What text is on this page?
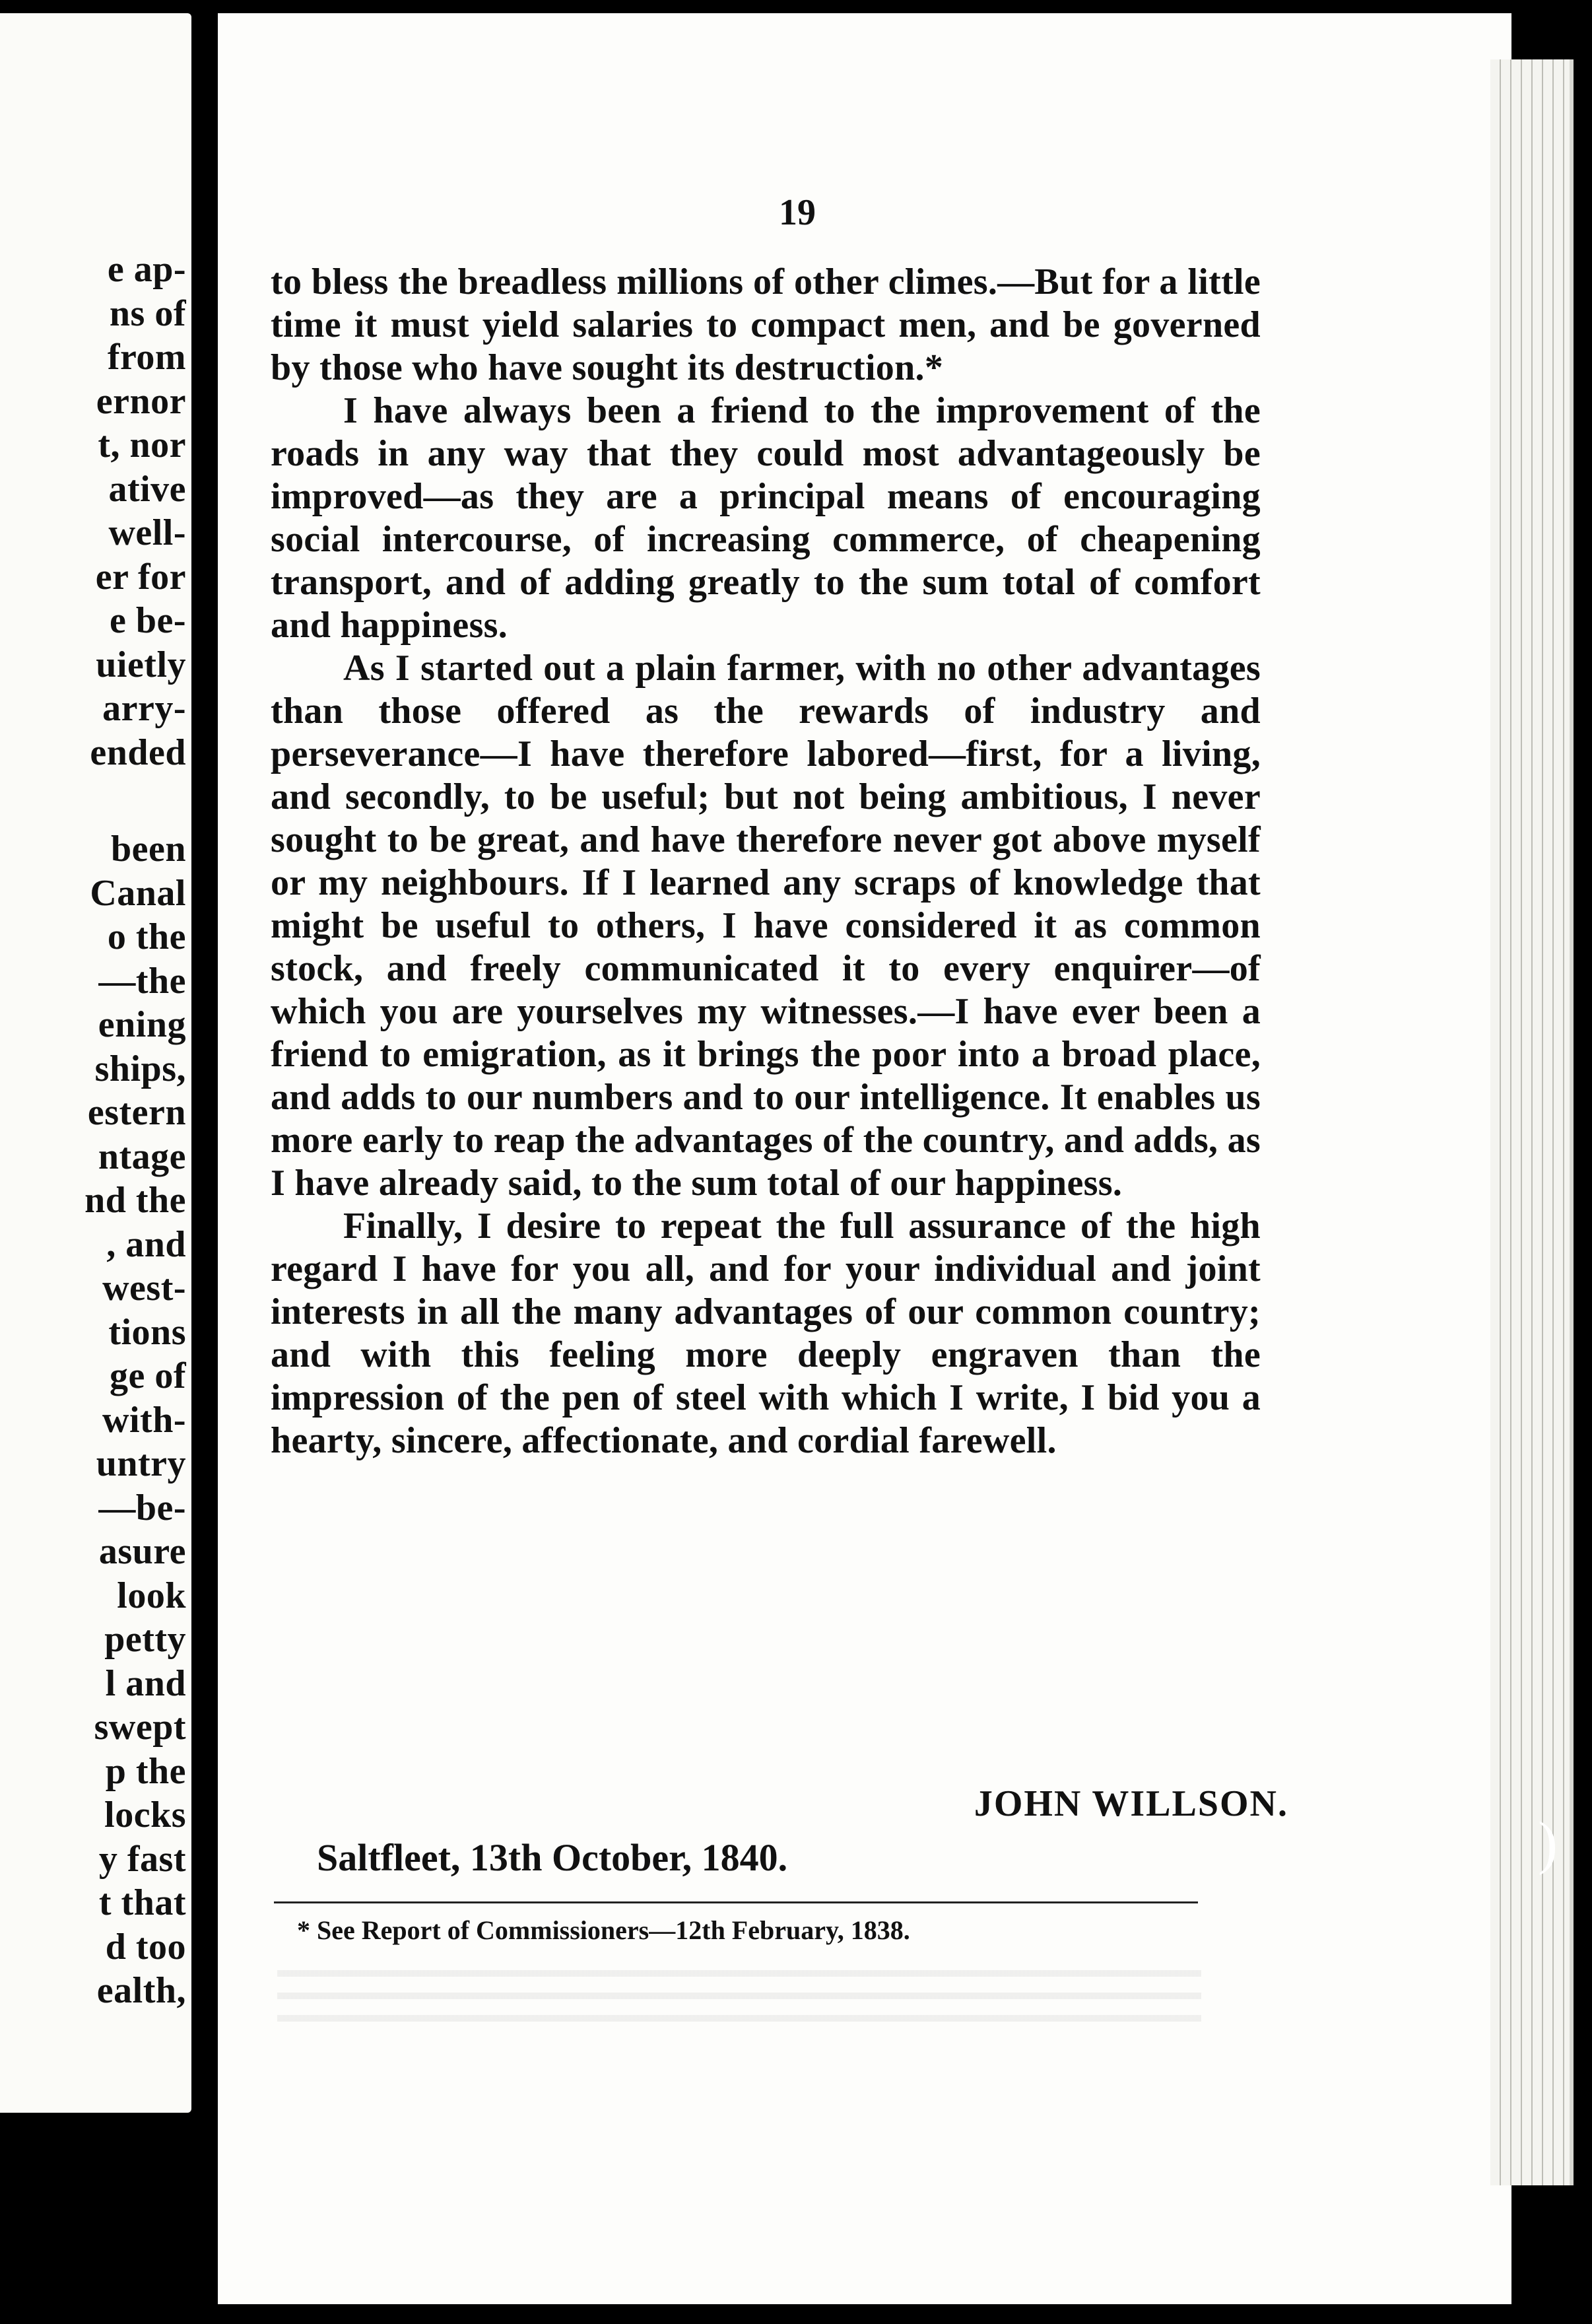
e ap-
ns of
from
ernor
t, nor
ative
well-
er for
e be-
uietly
arry-
ended
been
Canal
o the
—the
ening
ships,
estern
ntage
nd the
, and
west-
tions
ge of
with-
untry
—be-
asure
look
petty
l and
swept
p the
locks
y fast
t that
d too
ealth,
19

to bless the breadless millions of other climes.—But for a little time it must yield salaries to compact men, and be governed by those who have sought its destruction.*

I have always been a friend to the improvement of the roads in any way that they could most advantageously be improved—as they are a principal means of encouraging social intercourse, of increasing commerce, of cheapening transport, and of adding greatly to the sum total of comfort and happiness.

As I started out a plain farmer, with no other advantages than those offered as the rewards of industry and perseverance—I have therefore labored—first, for a living, and secondly, to be useful; but not being ambitious, I never sought to be great, and have therefore never got above myself or my neighbours. If I learned any scraps of knowledge that might be useful to others, I have considered it as common stock, and freely communicated it to every enquirer—of which you are yourselves my witnesses.—I have ever been a friend to emigration, as it brings the poor into a broad place, and adds to our numbers and to our intelligence. It enables us more early to reap the advantages of the country, and adds, as I have already said, to the sum total of our happiness.

Finally, I desire to repeat the full assurance of the high regard I have for you all, and for your individual and joint interests in all the many advantages of our common country; and with this feeling more deeply engraven than the impression of the pen of steel with which I write, I bid you a hearty, sincere, affectionate, and cordial farewell.

JOHN WILLSON.
Saltfleet, 13th October, 1840.
* See Report of Commissioners—12th February, 1838.
)
